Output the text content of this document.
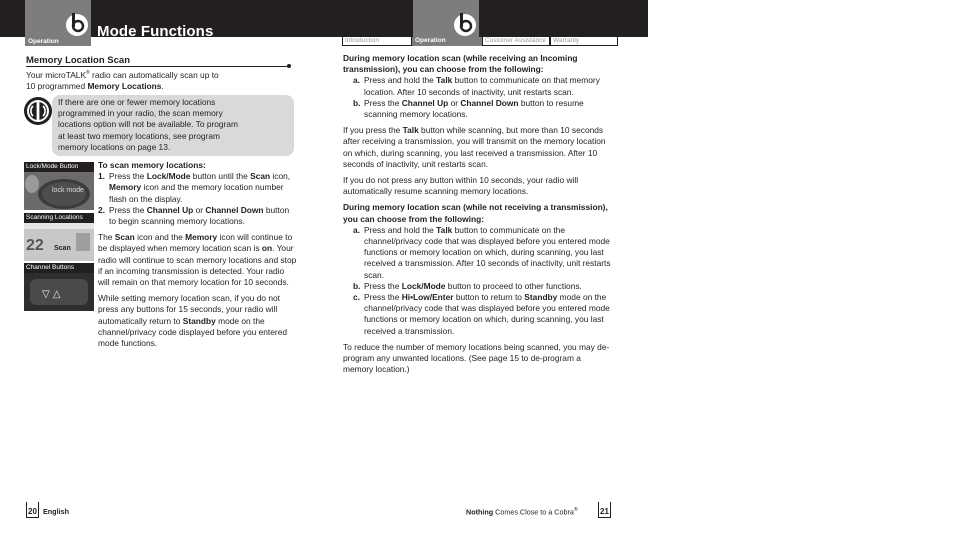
Operation
Mode Functions
Introduction	Operation	Customer Assistance	Warranty
Memory Location Scan
Your microTALK® radio can automatically scan up to
10 programmed Memory Locations.
If there are one or fewer memory locations
programmed in your radio, the scan memory
locations option will not be available. To program
at least two memory locations, see program
memory locations on page 13.
Lock/Mode Button
lock mode
Scanning Locations
22 Scan
Channel Buttons
▽ △
To scan memory locations:
1. Press the Lock/Mode button until the Scan icon, Memory icon and the memory location number flash on the display.
2. Press the Channel Up or Channel Down button to begin scanning memory locations.
The Scan icon and the Memory icon will continue to be displayed when memory location scan is on. Your radio will continue to scan memory locations and stop if an incoming transmission is detected. Your radio will remain on that memory location for 10 seconds.
While setting memory location scan, if you do not press any buttons for 15 seconds, your radio will automatically return to Standby mode on the channel/privacy code displayed before you entered mode functions.
During memory location scan (while receiving an Incoming transmission), you can choose from the following:
a. Press and hold the Talk button to communicate on that memory location. After 10 seconds of inactivity, unit restarts scan.
b. Press the Channel Up or Channel Down button to resume scanning memory locations.
If you press the Talk button while scanning, but more than 10 seconds after receiving a transmission, you will transmit on the memory location on which, during scanning, you last received a transmission. After 10 seconds of inactivity, unit restarts scan.
If you do not press any button within 10 seconds, your radio will automatically resume scanning memory locations.
During memory location scan (while not receiving a transmission), you can choose from the following:
a. Press and hold the Talk button to communicate on the channel/privacy code that was displayed before you entered mode functions or memory location on which, during scanning, you last received a transmission. After 10 seconds of inactivity, unit restarts scan.
b. Press the Lock/Mode button to proceed to other functions.
c. Press the Hi•Low/Enter button to return to Standby mode on the channel/privacy code that was displayed before you entered mode functions or memory location on which, during scanning, you last received a transmission.
To reduce the number of memory locations being scanned, you may de-program any unwanted locations. (See page 15 to de-program a memory location.)
20 English	Nothing Comes Close to a Cobra®	21
